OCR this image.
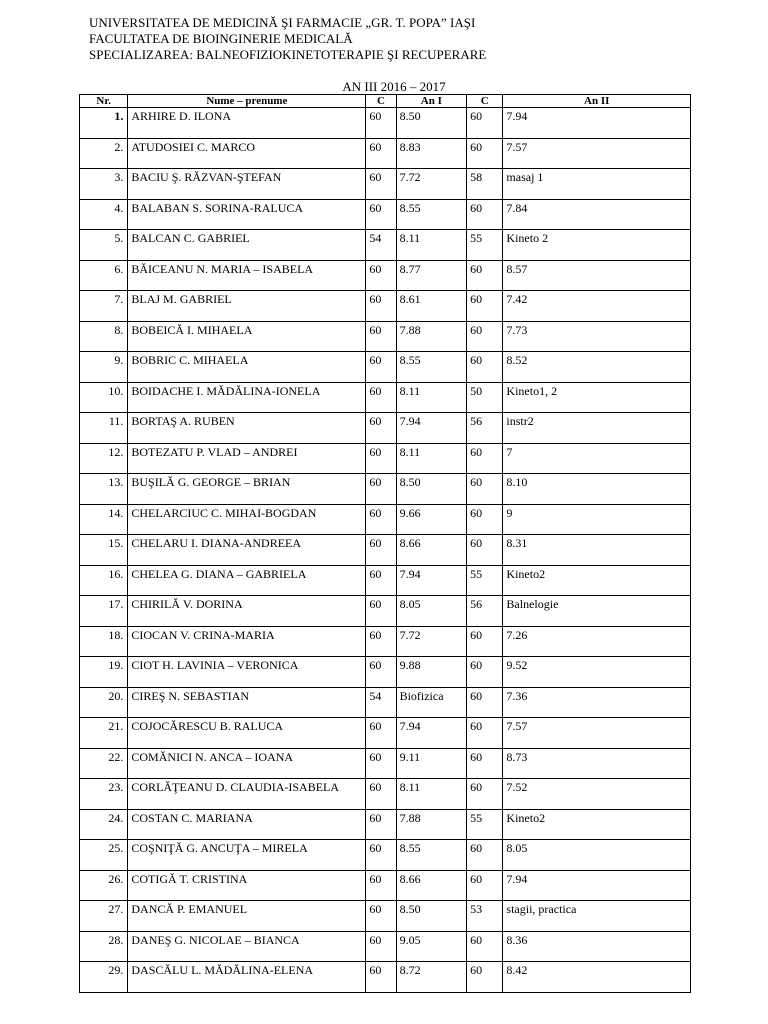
UNIVERSITATEA DE MEDICINĂ ŞI FARMACIE „GR. T. POPA” IAŞI
FACULTATEA DE BIOINGINERIE MEDICALĂ
SPECIALIZAREA: BALNEOFIZIOKINETOTERAPIE ŞI RECUPERARE
AN III 2016 – 2017
Nr.	Nume – prenume	C	An I	C	An II
1.	ARHIRE D. ILONA	60	8.50	60	7.94
2.	ATUDOSIEI C. MARCO	60	8.83	60	7.57
3.	BACIU Ş. RĂZVAN-ŞTEFAN	60	7.72	58	masaj 1
4.	BALABAN S. SORINA-RALUCA	60	8.55	60	7.84
5.	BALCAN C. GABRIEL	54	8.11	55	Kineto 2
6.	BĂICEANU N. MARIA – ISABELA	60	8.77	60	8.57
7.	BLAJ M. GABRIEL	60	8.61	60	7.42
8.	BOBEICĂ I. MIHAELA	60	7.88	60	7.73
9.	BOBRIC C. MIHAELA	60	8.55	60	8.52
10.	BOIDACHE I. MĂDĂLINA-IONELA	60	8.11	50	Kineto1, 2
11.	BORTAŞ A. RUBEN	60	7.94	56	instr2
12.	BOTEZATU P. VLAD – ANDREI	60	8.11	60	7
13.	BUŞILĂ G. GEORGE – BRIAN	60	8.50	60	8.10
14.	CHELARCIUC C. MIHAI-BOGDAN	60	9.66	60	9
15.	CHELARU I. DIANA-ANDREEA	60	8.66	60	8.31
16.	CHELEA G. DIANA – GABRIELA	60	7.94	55	Kineto2
17.	CHIRILĂ V. DORINA	60	8.05	56	Balnelogie
18.	CIOCAN V. CRINA-MARIA	60	7.72	60	7.26
19.	CIOT H. LAVINIA – VERONICA	60	9.88	60	9.52
20.	CIREŞ N. SEBASTIAN	54	Biofizica	60	7.36
21.	COJOCĂRESCU B. RALUCA	60	7.94	60	7.57
22.	COMĂNICI N. ANCA – IOANA	60	9.11	60	8.73
23.	CORLĂŢEANU D. CLAUDIA-ISABELA	60	8.11	60	7.52
24.	COSTAN C. MARIANA	60	7.88	55	Kineto2
25.	COŞNIŢĂ G. ANCUŢA – MIRELA	60	8.55	60	8.05
26.	COTIGĂ T. CRISTINA	60	8.66	60	7.94
27.	DANCĂ P. EMANUEL	60	8.50	53	stagii, practica
28.	DANEŞ G. NICOLAE – BIANCA	60	9.05	60	8.36
29.	DASCĂLU L. MĂDĂLINA-ELENA	60	8.72	60	8.42
